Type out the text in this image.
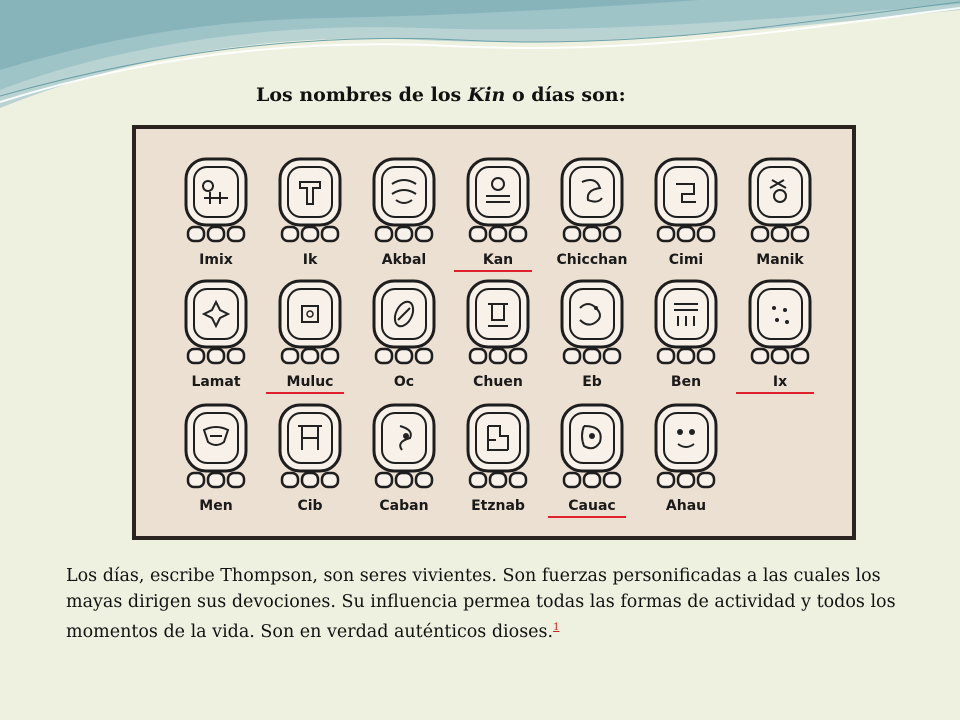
Los nombres de los Kin o días son:
Imix	Ik	Akbal	Kan	Chicchan	Cimi	Manik
Lamat	Muluc	Oc	Chuen	Eb	Ben	Ix
Men	Cib	Caban	Etznab	Cauac	Ahau
Los días, escribe Thompson, son seres vivientes. Son fuerzas personificadas a las cuales los mayas dirigen sus devociones. Su influencia permea todas las formas de actividad y todos los momentos de la vida. Son en verdad auténticos dioses.$^1$
